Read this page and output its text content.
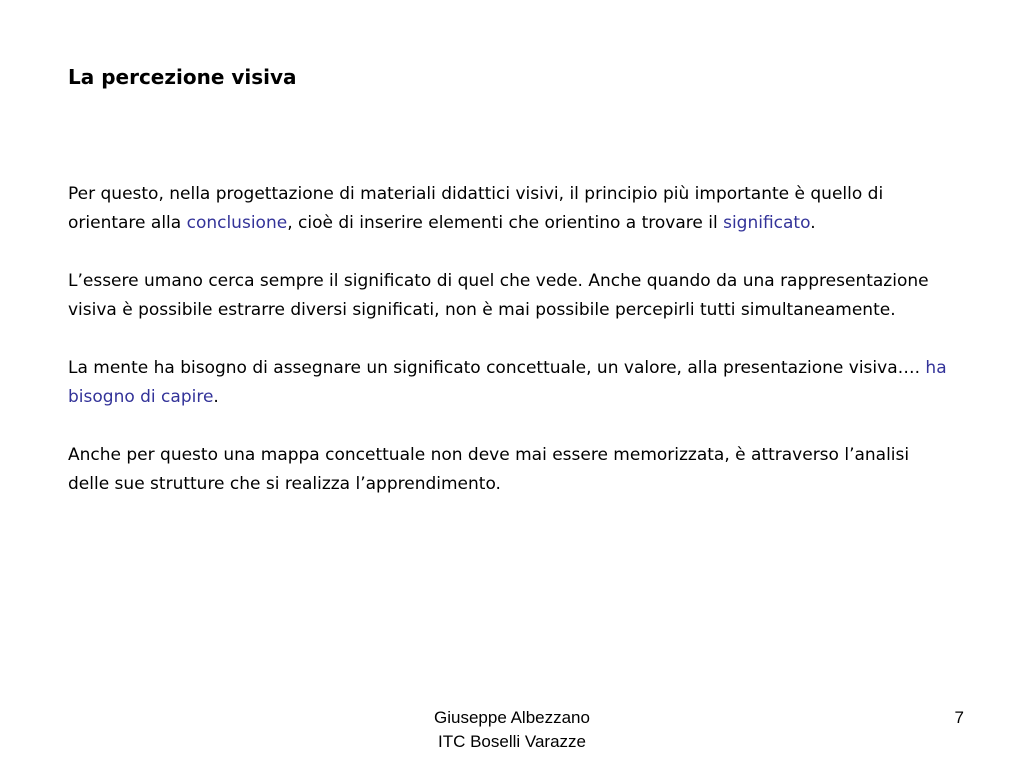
La percezione visiva

Per questo, nella progettazione di materiali didattici visivi, il principio più importante è quello di orientare alla conclusione, cioè di inserire elementi che orientino a trovare il significato.

L’essere umano cerca sempre il significato di quel che vede. Anche quando da una rappresentazione visiva è possibile estrarre diversi significati, non è mai possibile percepirli tutti simultaneamente.

La mente ha bisogno di assegnare un significato concettuale, un valore, alla presentazione visiva…. ha bisogno di capire.

Anche per questo una mappa concettuale non deve mai essere memorizzata, è attraverso l’analisi delle sue strutture che si realizza l’apprendimento.

Giuseppe Albezzano
ITC Boselli Varazze
7
